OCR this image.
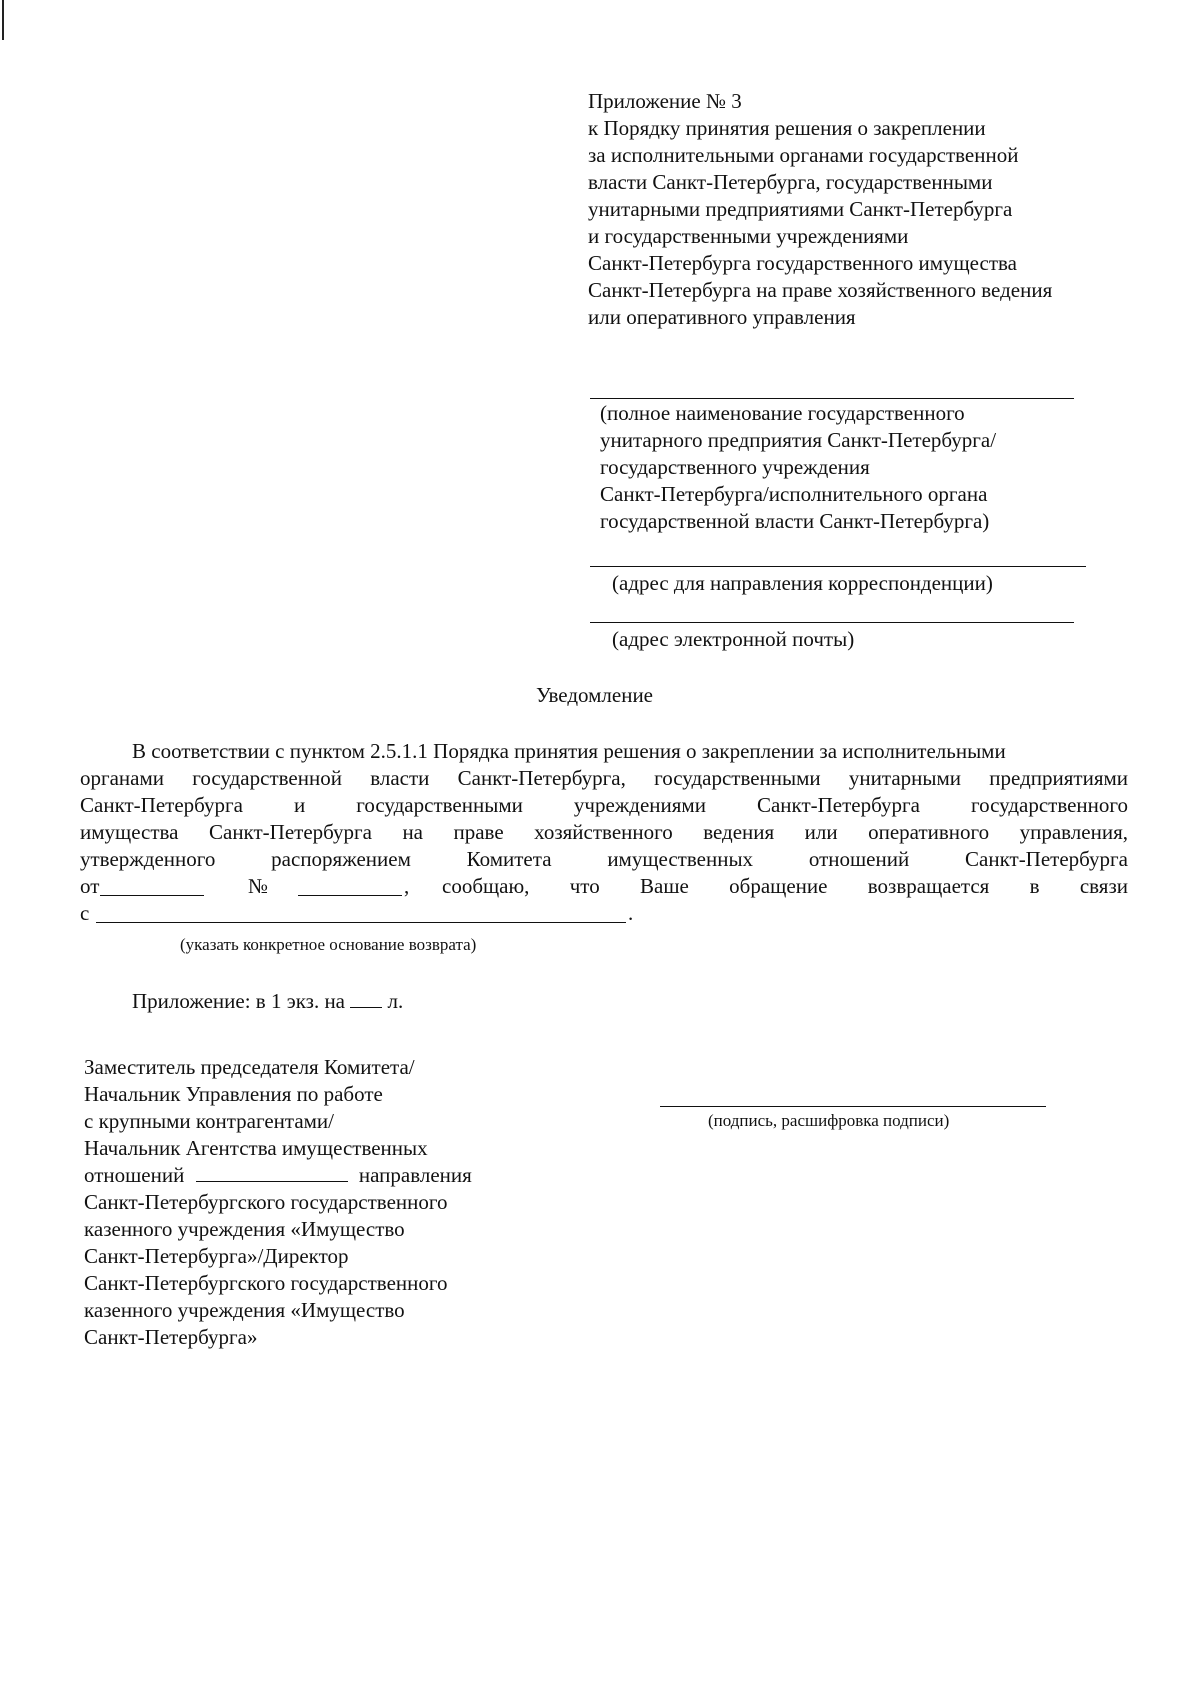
Приложение № 3
к Порядку принятия решения о закреплении
за исполнительными органами государственной
власти Санкт-Петербурга, государственными
унитарными предприятиями Санкт-Петербурга
и государственными учреждениями
Санкт-Петербурга государственного имущества
Санкт-Петербурга на праве хозяйственного ведения
или оперативного управления
(полное наименование государственного
унитарного предприятия Санкт-Петербурга/
государственного учреждения
Санкт-Петербурга/исполнительного органа
государственной власти Санкт-Петербурга)
(адрес для направления корреспонденции)
(адрес электронной почты)
Уведомление
В соответствии с пунктом 2.5.1.1 Порядка принятия решения о закреплении за исполнительными
органами государственной власти Санкт-Петербурга, государственными унитарными предприятиями
Санкт-Петербурга и государственными учреждениями Санкт-Петербурга государственного
имущества Санкт-Петербурга на праве хозяйственного ведения или оперативного управления,
утвержденного распоряжением Комитета имущественных отношений Санкт-Петербурга
от	№	, сообщаю, что Ваше обращение возвращается в связи
с	.
(указать конкретное основание возврата)
Приложение: в 1 экз. на л.
Заместитель председателя Комитета/
Начальник Управления по работе
с крупными контрагентами/
Начальник Агентства имущественных
отношений	направления
Санкт-Петербургского государственного
казенного учреждения «Имущество
Санкт-Петербурга»/Директор
Санкт-Петербургского государственного
казенного учреждения «Имущество
Санкт-Петербурга»
(подпись, расшифровка подписи)
